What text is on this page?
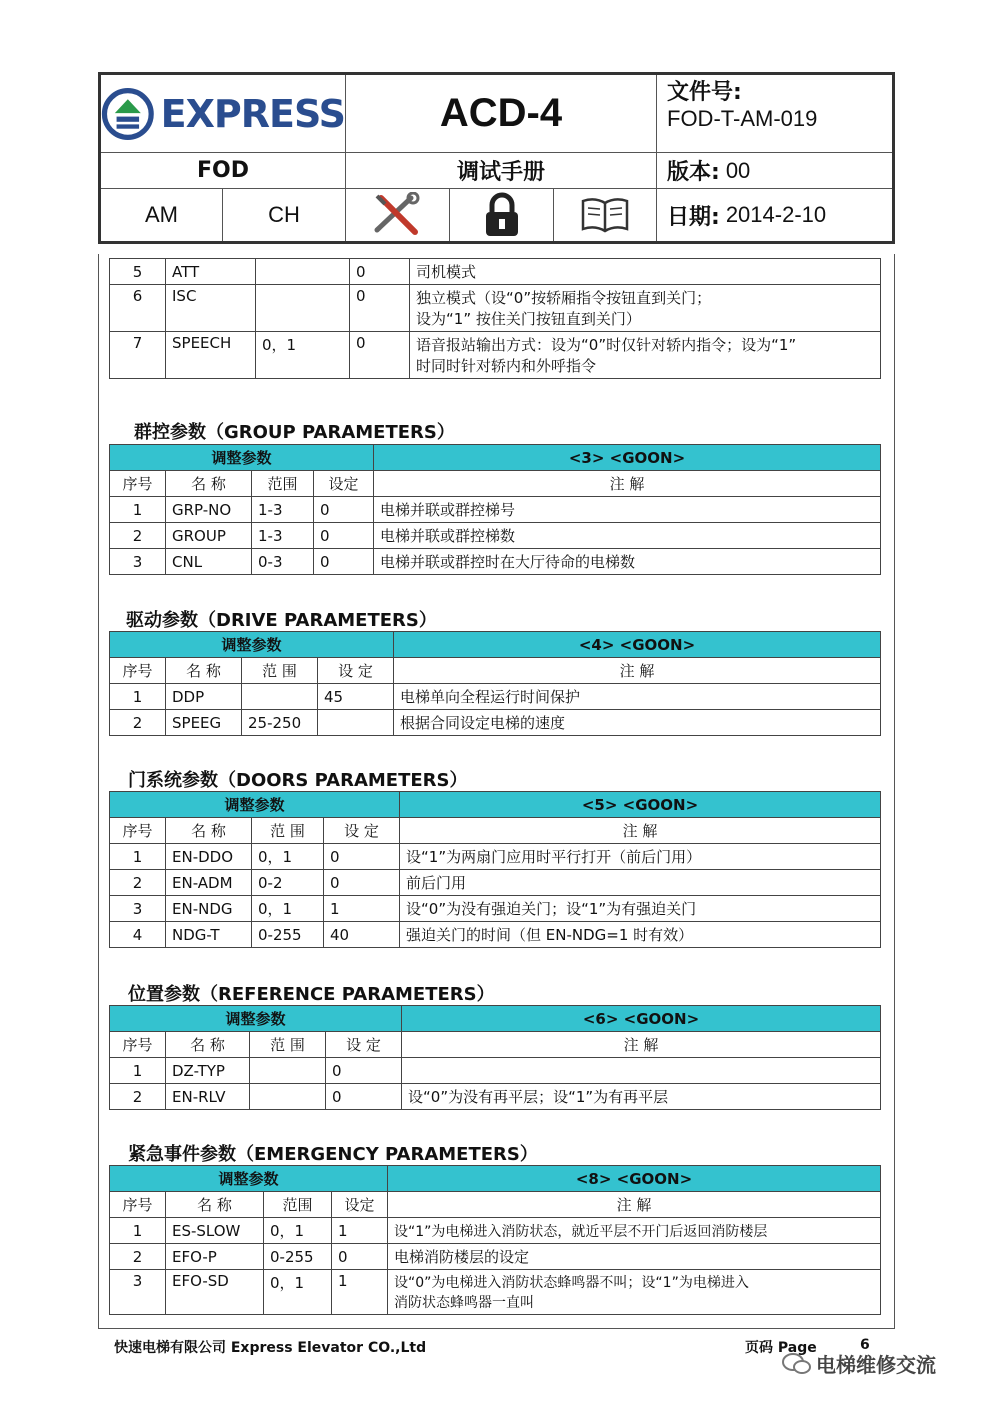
EXPRESS ACD-4	文件号:
FOD-T-AM-019
FOD	调试手册	版本: 00
AM	CH	日期: 2014-2-10
5	ATT		0	司机模式
6	ISC		0	独立模式（设“0”按轿厢指令按钮直到关门；
设为“1” 按住关门按钮直到关门）

7	SPEECH	0，1	0	语音报站输出方式：设为“0”时仅针对轿内指令；设为“1”
时同时针对轿内和外呼指令
群控参数（GROUP PARAMETERS）
调整参数				<3> <GOON>
序号	名 称	范围	设定	注 解
1	GRP-NO	1-3	0	电梯并联或群控梯号
2	GROUP	1-3	0	电梯并联或群控梯数
3	CNL	0-3	0	电梯并联或群控时在大厅待命的电梯数
驱动参数（DRIVE PARAMETERS）
调整参数				<4> <GOON>
序号	名 称	范 围	设 定	注 解
1	DDP		45	电梯单向全程运行时间保护
2	SPEEG	25-250		根据合同设定电梯的速度
门系统参数（DOORS PARAMETERS）
调整参数				<5> <GOON>
序号	名 称	范 围	设 定	注 解
1	EN-DDO	0，1	0	设“1”为两扇门应用时平行打开（前后门用）
2	EN-ADM	0-2	0	前后门用
3	EN-NDG	0，1	1	设“0”为没有强迫关门；设“1”为有强迫关门
4	NDG-T	0-255	40	强迫关门的时间（但 EN-NDG=1 时有效）
位置参数（REFERENCE PARAMETERS）
调整参数				<6> <GOON>
序号	名 称	范 围	设 定	注 解
1	DZ-TYP		0	
2	EN-RLV		0	设“0”为没有再平层；设“1”为有再平层
紧急事件参数（EMERGENCY PARAMETERS）
调整参数				<8> <GOON>
序号	名 称	范围	设定	注 解
1	ES-SLOW	0，1	1	设“1”为电梯进入消防状态，就近平层不开门后返回消防楼层
2	EFO-P	0-255	0	电梯消防楼层的设定
3	EFO-SD	0，1	1	设“0”为电梯进入消防状态蜂鸣器不叫；设“1”为电梯进入
消防状态蜂鸣器一直叫
快速电梯有限公司 Express Elevator CO.,Ltd	页码 Page	6
电梯维修交流
